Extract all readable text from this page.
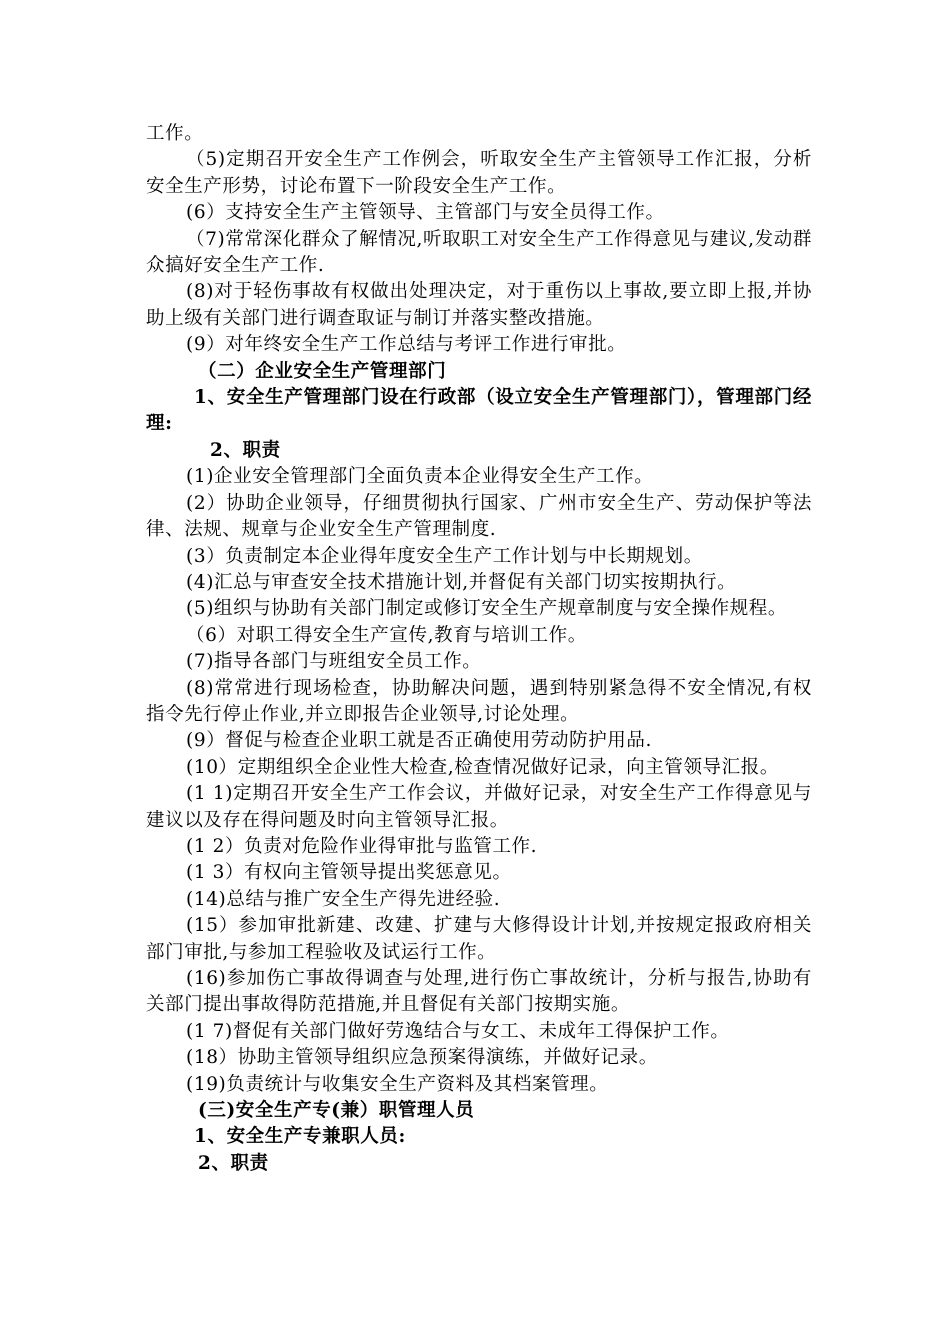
工作。

（5)定期召开安全生产工作例会，听取安全生产主管领导工作汇报，分析安全生产形势，讨论布置下一阶段安全生产工作。

(6）支持安全生产主管领导、主管部门与安全员得工作。

（7)常常深化群众了解情况,听取职工对安全生产工作得意见与建议,发动群众搞好安全生产工作.

(8)对于轻伤事故有权做出处理决定，对于重伤以上事故,要立即上报,并协助上级有关部门进行调查取证与制订并落实整改措施。

(9）对年终安全生产工作总结与考评工作进行审批。

（二）企业安全生产管理部门

1、安全生产管理部门设在行政部（设立安全生产管理部门），管理部门经理:

2、职责

(1)企业安全管理部门全面负责本企业得安全生产工作。

(2）协助企业领导，仔细贯彻执行国家、广州市安全生产、劳动保护等法律、法规、规章与企业安全生产管理制度.

(3）负责制定本企业得年度安全生产工作计划与中长期规划。

(4)汇总与审查安全技术措施计划,并督促有关部门切实按期执行。

(5)组织与协助有关部门制定或修订安全生产规章制度与安全操作规程。

（6）对职工得安全生产宣传,教育与培训工作。

(7)指导各部门与班组安全员工作。

(8)常常进行现场检查，协助解决问题，遇到特别紧急得不安全情况,有权指令先行停止作业,并立即报告企业领导,讨论处理。

(9）督促与检查企业职工就是否正确使用劳动防护用品.

(10）定期组织全企业性大检查,检查情况做好记录，向主管领导汇报。

(1 1)定期召开安全生产工作会议，并做好记录，对安全生产工作得意见与建议以及存在得问题及时向主管领导汇报。

(1 2）负责对危险作业得审批与监管工作.

(1 3）有权向主管领导提出奖惩意见。

(14)总结与推广安全生产得先进经验.

(15）参加审批新建、改建、扩建与大修得设计计划,并按规定报政府相关部门审批,与参加工程验收及试运行工作。

(16)参加伤亡事故得调查与处理,进行伤亡事故统计，分析与报告,协助有关部门提出事故得防范措施,并且督促有关部门按期实施。

(1 7)督促有关部门做好劳逸结合与女工、未成年工得保护工作。

(18）协助主管领导组织应急预案得演练，并做好记录。

(19)负责统计与收集安全生产资料及其档案管理。

(三)安全生产专(兼）职管理人员

1、安全生产专兼职人员:

2、职责
